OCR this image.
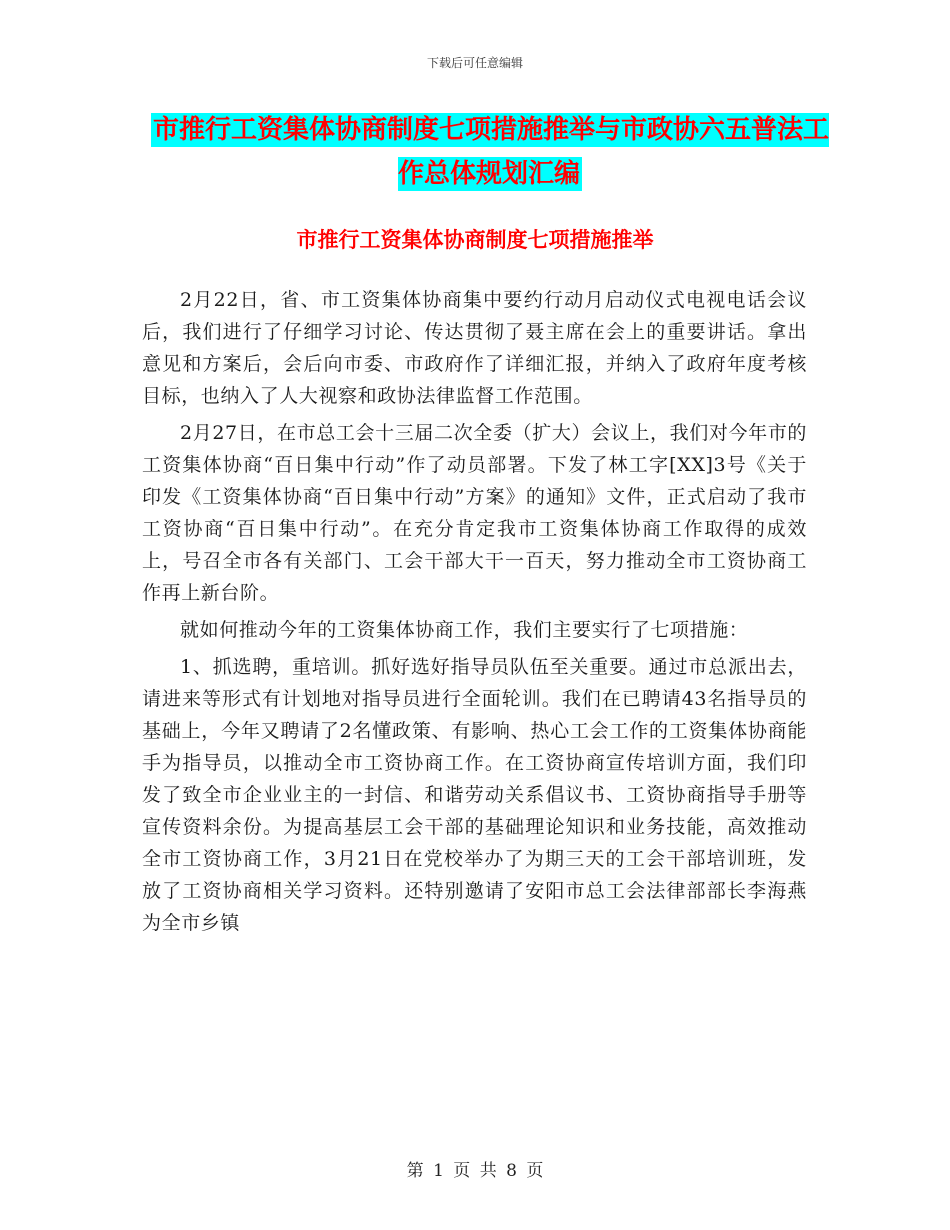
下载后可任意编辑
市推行工资集体协商制度七项措施推举与市政协六五普法工作总体规划汇编
市推行工资集体协商制度七项措施推举

2月22日，省、市工资集体协商集中要约行动月启动仪式电视电话会议后，我们进行了仔细学习讨论、传达贯彻了聂主席在会上的重要讲话。拿出意见和方案后，会后向市委、市政府作了详细汇报，并纳入了政府年度考核目标，也纳入了人大视察和政协法律监督工作范围。

2月27日，在市总工会十三届二次全委（扩大）会议上，我们对今年市的工资集体协商“百日集中行动”作了动员部署。下发了林工字[XX]3号《关于印发《工资集体协商“百日集中行动”方案》的通知》文件，正式启动了我市工资协商“百日集中行动”。在充分肯定我市工资集体协商工作取得的成效上，号召全市各有关部门、工会干部大干一百天，努力推动全市工资协商工作再上新台阶。

就如何推动今年的工资集体协商工作，我们主要实行了七项措施：

1、抓选聘，重培训。抓好选好指导员队伍至关重要。通过市总派出去，请进来等形式有计划地对指导员进行全面轮训。我们在已聘请43名指导员的基础上，今年又聘请了2名懂政策、有影响、热心工会工作的工资集体协商能手为指导员，以推动全市工资协商工作。在工资协商宣传培训方面，我们印发了致全市企业业主的一封信、和谐劳动关系倡议书、工资协商指导手册等宣传资料余份。为提高基层工会干部的基础理论知识和业务技能，高效推动全市工资协商工作，3月21日在党校举办了为期三天的工会干部培训班，发放了工资协商相关学习资料。还特别邀请了安阳市总工会法律部部长李海燕为全市乡镇

第 1 页 共 8 页
